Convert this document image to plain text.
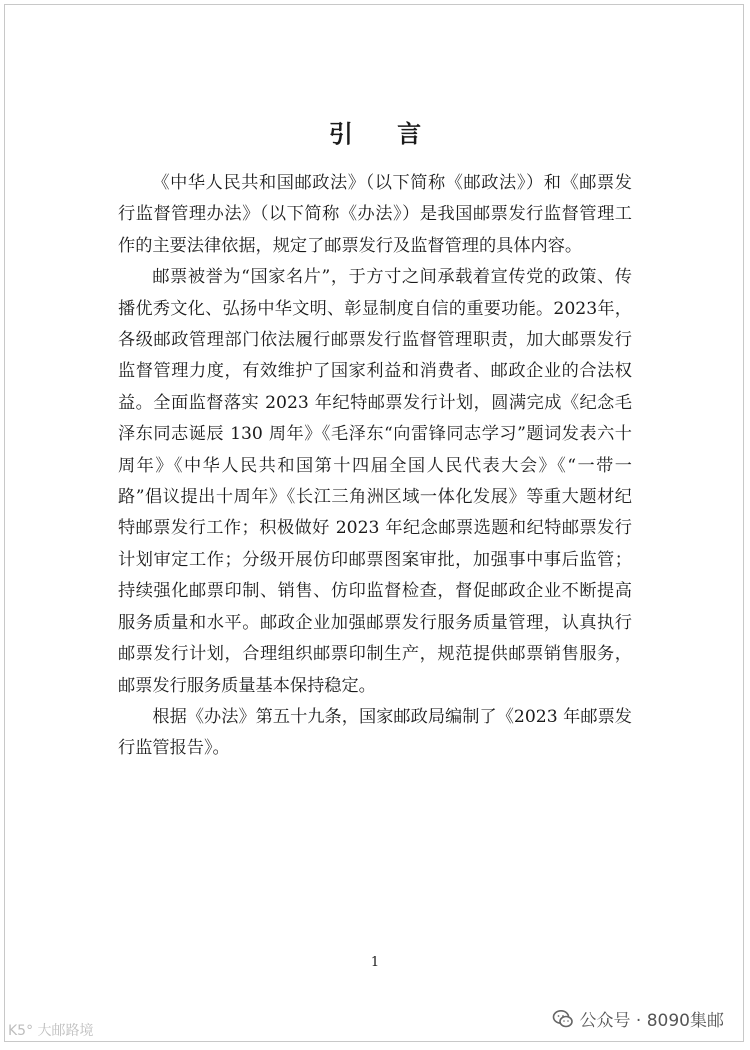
引 言

《中华人民共和国邮政法》（以下简称《邮政法》）和《邮票发行监督管理办法》（以下简称《办法》）是我国邮票发行监督管理工作的主要法律依据，规定了邮票发行及监督管理的具体内容。

邮票被誉为“国家名片”，于方寸之间承载着宣传党的政策、传播优秀文化、弘扬中华文明、彰显制度自信的重要功能。2023年，各级邮政管理部门依法履行邮票发行监督管理职责，加大邮票发行监督管理力度，有效维护了国家利益和消费者、邮政企业的合法权益。全面监督落实 2023 年纪特邮票发行计划，圆满完成《纪念毛泽东同志诞辰 130 周年》《毛泽东“向雷锋同志学习”题词发表六十周年》《中华人民共和国第十四届全国人民代表大会》《“一带一路”倡议提出十周年》《长江三角洲区域一体化发展》等重大题材纪特邮票发行工作；积极做好 2023 年纪念邮票选题和纪特邮票发行计划审定工作；分级开展仿印邮票图案审批，加强事中事后监管；持续强化邮票印制、销售、仿印监督检查，督促邮政企业不断提高服务质量和水平。邮政企业加强邮票发行服务质量管理，认真执行邮票发行计划，合理组织邮票印制生产，规范提供邮票销售服务，邮票发行服务质量基本保持稳定。

根据《办法》第五十九条，国家邮政局编制了《2023 年邮票发行监管报告》。

1
K5° 大邮路境	公众号 · 8090集邮
